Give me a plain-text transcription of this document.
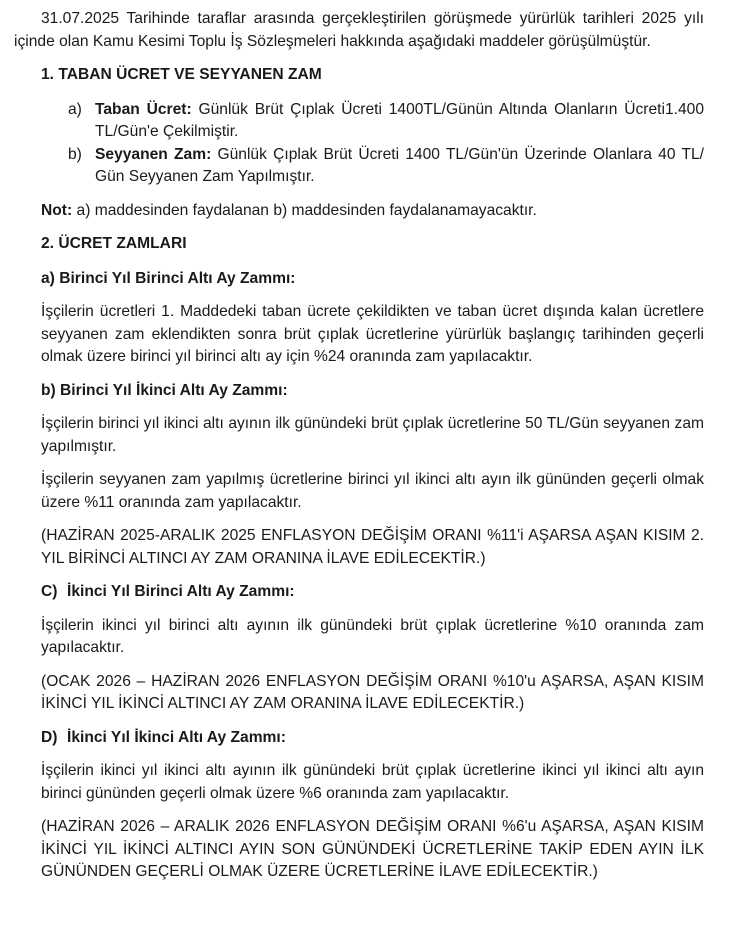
31.07.2025 Tarihinde taraflar arasında gerçekleştirilen görüşmede yürürlük tarihleri 2025 yılı içinde olan Kamu Kesimi Toplu İş Sözleşmeleri hakkında aşağıdaki maddeler görüşülmüştür.

1. TABAN ÜCRET VE SEYYANEN ZAM

a) Taban Ücret: Günlük Brüt Çıplak Ücreti 1400TL/Günün Altında Olanların Ücreti1.400 TL/Gün'e Çekilmiştir.
b) Seyyanen Zam: Günlük Çıplak Brüt Ücreti 1400 TL/Gün'ün Üzerinde Olanlara 40 TL/ Gün Seyyanen Zam Yapılmıştır.

Not: a) maddesinden faydalanan b) maddesinden faydalanamayacaktır.

2. ÜCRET ZAMLARI

a) Birinci Yıl Birinci Altı Ay Zammı:

İşçilerin ücretleri 1. Maddedeki taban ücrete çekildikten ve taban ücret dışında kalan ücretlere seyyanen zam eklendikten sonra brüt çıplak ücretlerine yürürlük başlangıç tarihinden geçerli olmak üzere birinci yıl birinci altı ay için %24 oranında zam yapılacaktır.

b) Birinci Yıl İkinci Altı Ay Zammı:

İşçilerin birinci yıl ikinci altı ayının ilk günündeki brüt çıplak ücretlerine 50 TL/Gün seyyanen zam yapılmıştır.

İşçilerin seyyanen zam yapılmış ücretlerine birinci yıl ikinci altı ayın ilk gününden geçerli olmak üzere %11 oranında zam yapılacaktır.

(HAZİRAN 2025-ARALIK 2025 ENFLASYON DEĞİŞİM ORANI %11'i AŞARSA AŞAN KISIM 2. YIL BİRİNCİ ALTINCI AY ZAM ORANINA İLAVE EDİLECEKTİR.)

C) İkinci Yıl Birinci Altı Ay Zammı:

İşçilerin ikinci yıl birinci altı ayının ilk günündeki brüt çıplak ücretlerine %10 oranında zam yapılacaktır.

(OCAK 2026 – HAZİRAN 2026 ENFLASYON DEĞİŞİM ORANI %10'u AŞARSA, AŞAN KISIM İKİNCİ YIL İKİNCİ ALTINCI AY ZAM ORANINA İLAVE EDİLECEKTİR.)

D) İkinci Yıl İkinci Altı Ay Zammı:

İşçilerin ikinci yıl ikinci altı ayının ilk günündeki brüt çıplak ücretlerine ikinci yıl ikinci altı ayın birinci gününden geçerli olmak üzere %6 oranında zam yapılacaktır.

(HAZİRAN 2026 – ARALIK 2026 ENFLASYON DEĞİŞİM ORANI %6'u AŞARSA, AŞAN KISIM İKİNCİ YIL İKİNCİ ALTINCI AYIN SON GÜNÜNDEKİ ÜCRETLERİNE TAKİP EDEN AYIN İLK GÜNÜNDEN GEÇERLİ OLMAK ÜZERE ÜCRETLERİNE İLAVE EDİLECEKTİR.)
